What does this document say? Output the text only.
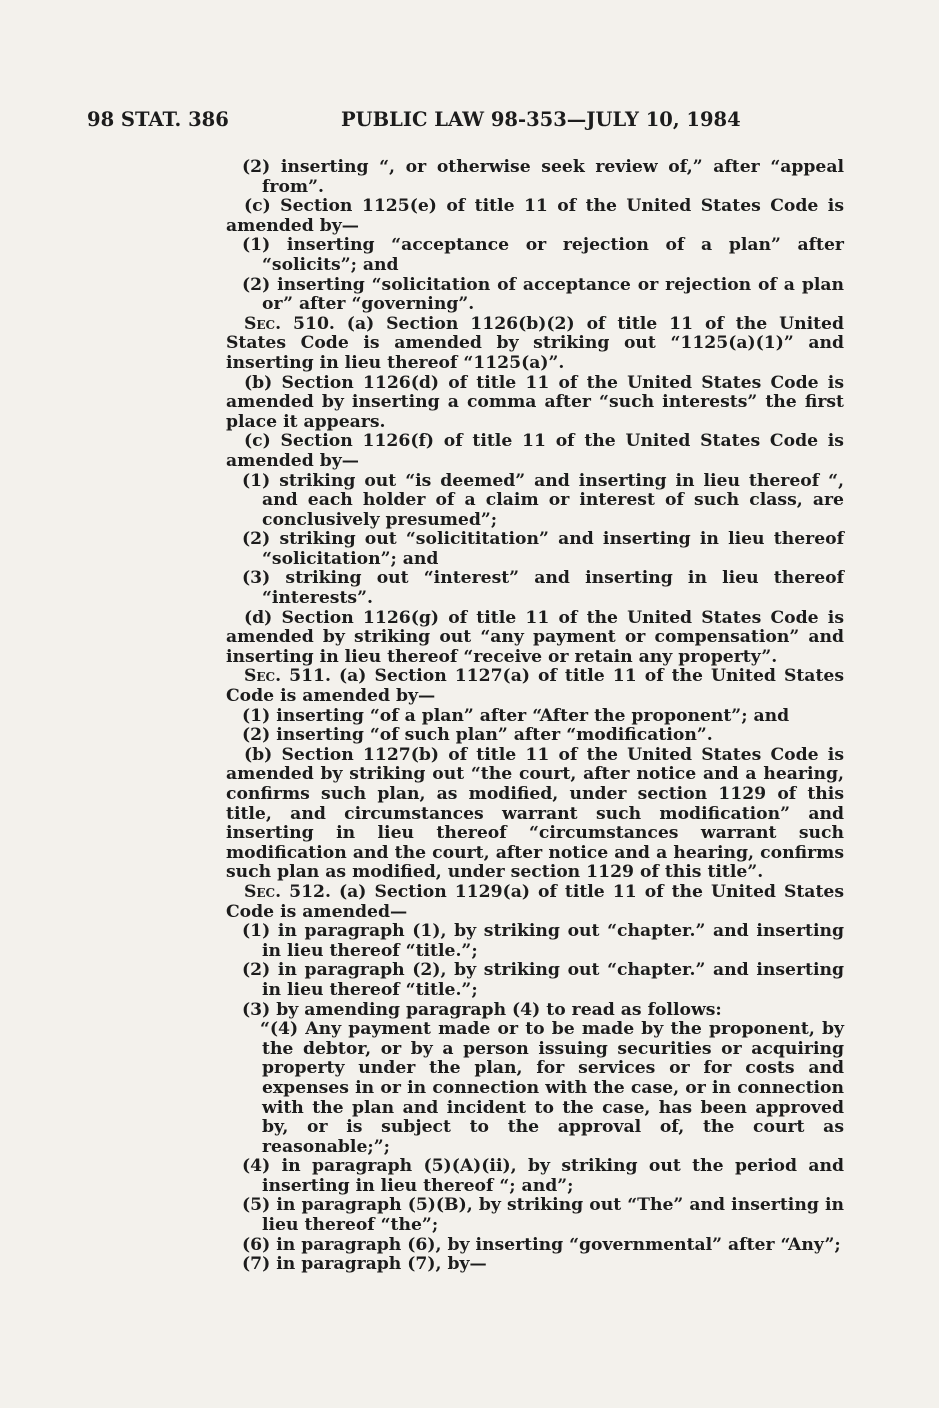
98 STAT. 386	PUBLIC LAW 98-353—JULY 10, 1984

(2) inserting “, or otherwise seek review of,” after “appeal from”.

(c) Section 1125(e) of title 11 of the United States Code is amended by—

(1) inserting “acceptance or rejection of a plan” after “solicits”; and

(2) inserting “solicitation of acceptance or rejection of a plan or” after “governing”.

Sec. 510. (a) Section 1126(b)(2) of title 11 of the United States Code is amended by striking out “1125(a)(1)” and inserting in lieu thereof “1125(a)”.

(b) Section 1126(d) of title 11 of the United States Code is amended by inserting a comma after “such interests” the first place it appears.

(c) Section 1126(f) of title 11 of the United States Code is amended by—

(1) striking out “is deemed” and inserting in lieu thereof “, and each holder of a claim or interest of such class, are conclusively presumed”;

(2) striking out “solicititation” and inserting in lieu thereof “solicitation”; and

(3) striking out “interest” and inserting in lieu thereof “interests”.

(d) Section 1126(g) of title 11 of the United States Code is amended by striking out “any payment or compensation” and inserting in lieu thereof “receive or retain any property”.

Sec. 511. (a) Section 1127(a) of title 11 of the United States Code is amended by—

(1) inserting “of a plan” after “After the proponent”; and

(2) inserting “of such plan” after “modification”.

(b) Section 1127(b) of title 11 of the United States Code is amended by striking out “the court, after notice and a hearing, confirms such plan, as modified, under section 1129 of this title, and circumstances warrant such modification” and inserting in lieu thereof “circumstances warrant such modification and the court, after notice and a hearing, confirms such plan as modified, under section 1129 of this title”.

Sec. 512. (a) Section 1129(a) of title 11 of the United States Code is amended—

(1) in paragraph (1), by striking out “chapter.” and inserting in lieu thereof “title.”;

(2) in paragraph (2), by striking out “chapter.” and inserting in lieu thereof “title.”;

(3) by amending paragraph (4) to read as follows:

“(4) Any payment made or to be made by the proponent, by the debtor, or by a person issuing securities or acquiring property under the plan, for services or for costs and expenses in or in connection with the case, or in connection with the plan and incident to the case, has been approved by, or is subject to the approval of, the court as reasonable;”;

(4) in paragraph (5)(A)(ii), by striking out the period and inserting in lieu thereof “; and”;

(5) in paragraph (5)(B), by striking out “The” and inserting in lieu thereof “the”;

(6) in paragraph (6), by inserting “governmental” after “Any”;

(7) in paragraph (7), by—
